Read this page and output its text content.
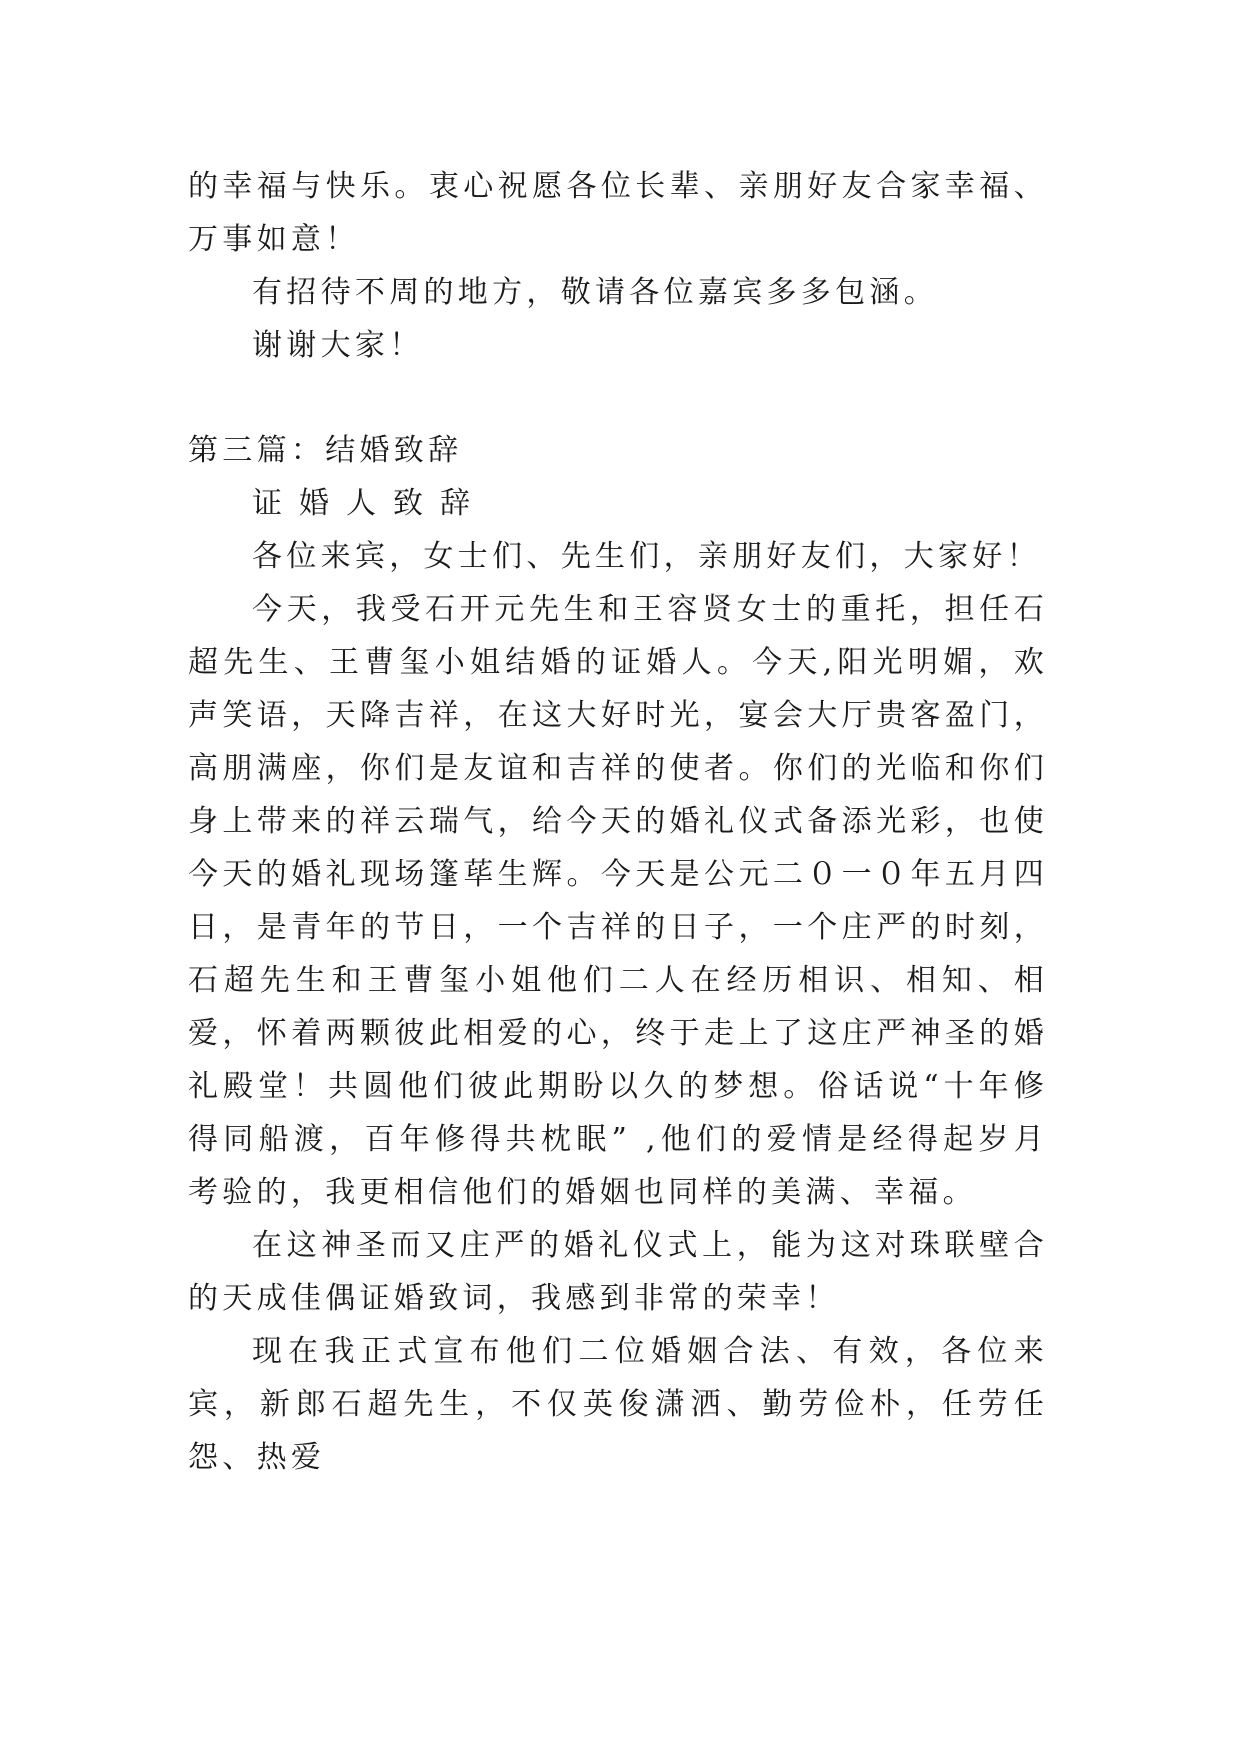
的幸福与快乐。衷心祝愿各位长辈、亲朋好友合家幸福、万事如意！

有招待不周的地方，敬请各位嘉宾多多包涵。

谢谢大家！

第三篇：结婚致辞

证婚人致辞

各位来宾，女士们、先生们，亲朋好友们，大家好！

今天，我受石开元先生和王容贤女士的重托，担任石超先生、王曹玺小姐结婚的证婚人。今天,阳光明媚，欢声笑语，天降吉祥，在这大好时光，宴会大厅贵客盈门，高朋满座，你们是友谊和吉祥的使者。你们的光临和你们身上带来的祥云瑞气，给今天的婚礼仪式备添光彩，也使今天的婚礼现场篷荜生辉。今天是公元二０一０年五月四日，是青年的节日，一个吉祥的日子，一个庄严的时刻，石超先生和王曹玺小姐他们二人在经历相识、相知、相爱，怀着两颗彼此相爱的心，终于走上了这庄严神圣的婚礼殿堂！共圆他们彼此期盼以久的梦想。俗话说“十年修得同船渡，百年修得共枕眠” ,他们的爱情是经得起岁月考验的，我更相信他们的婚姻也同样的美满、幸福。

在这神圣而又庄严的婚礼仪式上，能为这对珠联壁合的天成佳偶证婚致词，我感到非常的荣幸！

现在我正式宣布他们二位婚姻合法、有效，各位来宾，新郎石超先生，不仅英俊潇洒、勤劳俭朴，任劳任怨、热爱
